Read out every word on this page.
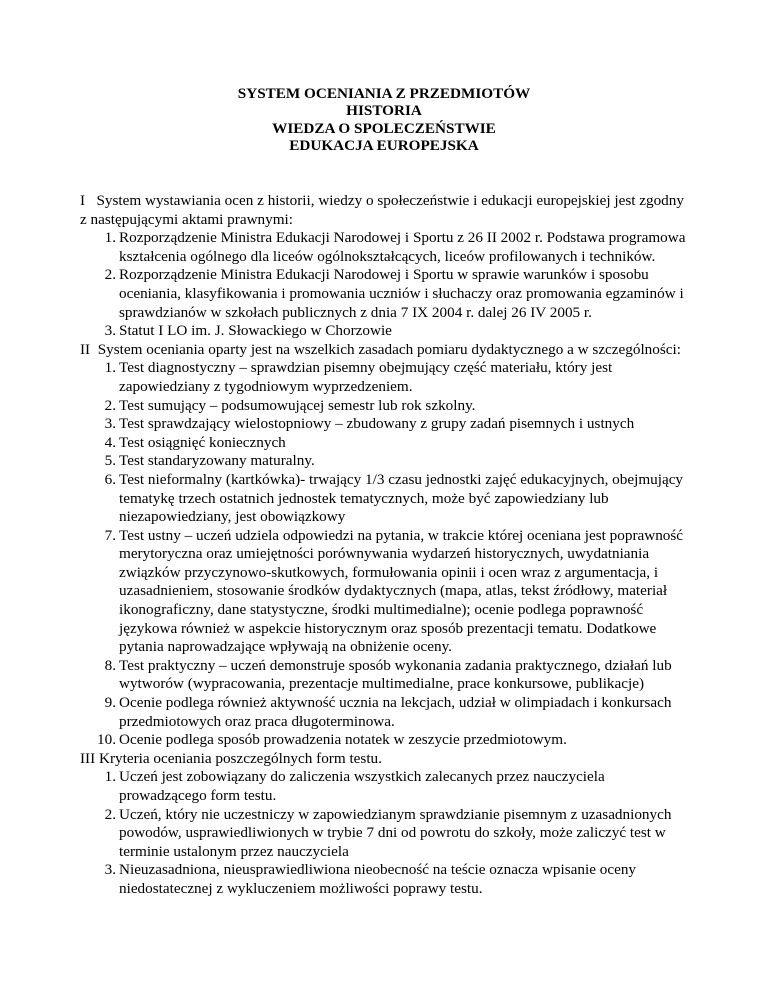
SYSTEM OCENIANIA Z PRZEDMIOTÓW
HISTORIA
WIEDZA O SPOLECZEŃSTWIE
EDUKACJA EUROPEJSKA
I System wystawiania ocen z historii, wiedzy o społeczeństwie i edukacji europejskiej jest zgodny z następującymi aktami prawnymi:
1. Rozporządzenie Ministra Edukacji Narodowej i Sportu z 26 II 2002 r. Podstawa programowa kształcenia ogólnego dla liceów ogólnokształcących, liceów profilowanych i techników.
2. Rozporządzenie Ministra Edukacji Narodowej i Sportu w sprawie warunków i sposobu oceniania, klasyfikowania i promowania uczniów i słuchaczy oraz promowania egzaminów i sprawdzianów w szkołach publicznych z dnia 7 IX 2004 r. dalej 26 IV 2005 r.
3. Statut I LO im. J. Słowackiego w Chorzowie
II System oceniania oparty jest na wszelkich zasadach pomiaru dydaktycznego a w szczególności:
1. Test diagnostyczny – sprawdzian pisemny obejmujący część materiału, który jest zapowiedziany z tygodniowym wyprzedzeniem.
2. Test sumujący – podsumowującej semestr lub rok szkolny.
3. Test sprawdzający wielostopniowy – zbudowany z grupy zadań pisemnych i ustnych
4. Test osiągnięć koniecznych
5. Test standaryzowany maturalny.
6. Test nieformalny (kartkówka)- trwający 1/3 czasu jednostki zajęć edukacyjnych, obejmujący tematykę trzech ostatnich jednostek tematycznych, może być zapowiedziany lub niezapowiedziany, jest obowiązkowy
7. Test ustny – uczeń udziela odpowiedzi na pytania, w trakcie której oceniana jest poprawność merytoryczna oraz umiejętności porównywania wydarzeń historycznych, uwydatniania związków przyczynowo-skutkowych, formułowania opinii i ocen wraz z argumentacja, i uzasadnieniem, stosowanie środków dydaktycznych (mapa, atlas, tekst źródłowy, materiał ikonograficzny, dane statystyczne, środki multimedialne); ocenie podlega poprawność językowa również w aspekcie historycznym oraz sposób prezentacji tematu. Dodatkowe pytania naprowadzające wpływają na obniżenie oceny.
8. Test praktyczny – uczeń demonstruje sposób wykonania zadania praktycznego, działań lub wytworów (wypracowania, prezentacje multimedialne, prace konkursowe, publikacje)
9. Ocenie podlega również aktywność ucznia na lekcjach, udział w olimpiadach i konkursach przedmiotowych oraz praca długoterminowa.
10. Ocenie podlega sposób prowadzenia notatek w zeszycie przedmiotowym.
III Kryteria oceniania poszczególnych form testu.
1. Uczeń jest zobowiązany do zaliczenia wszystkich zalecanych przez nauczyciela prowadzącego form testu.
2. Uczeń, który nie uczestniczy w zapowiedzianym sprawdzianie pisemnym z uzasadnionych powodów, usprawiedliwionych w trybie 7 dni od powrotu do szkoły, może zaliczyć test w terminie ustalonym przez nauczyciela
3. Nieuzasadniona, nieusprawiedliwiona nieobecność na teście oznacza wpisanie oceny niedostatecznej z wykluczeniem możliwości poprawy testu.
